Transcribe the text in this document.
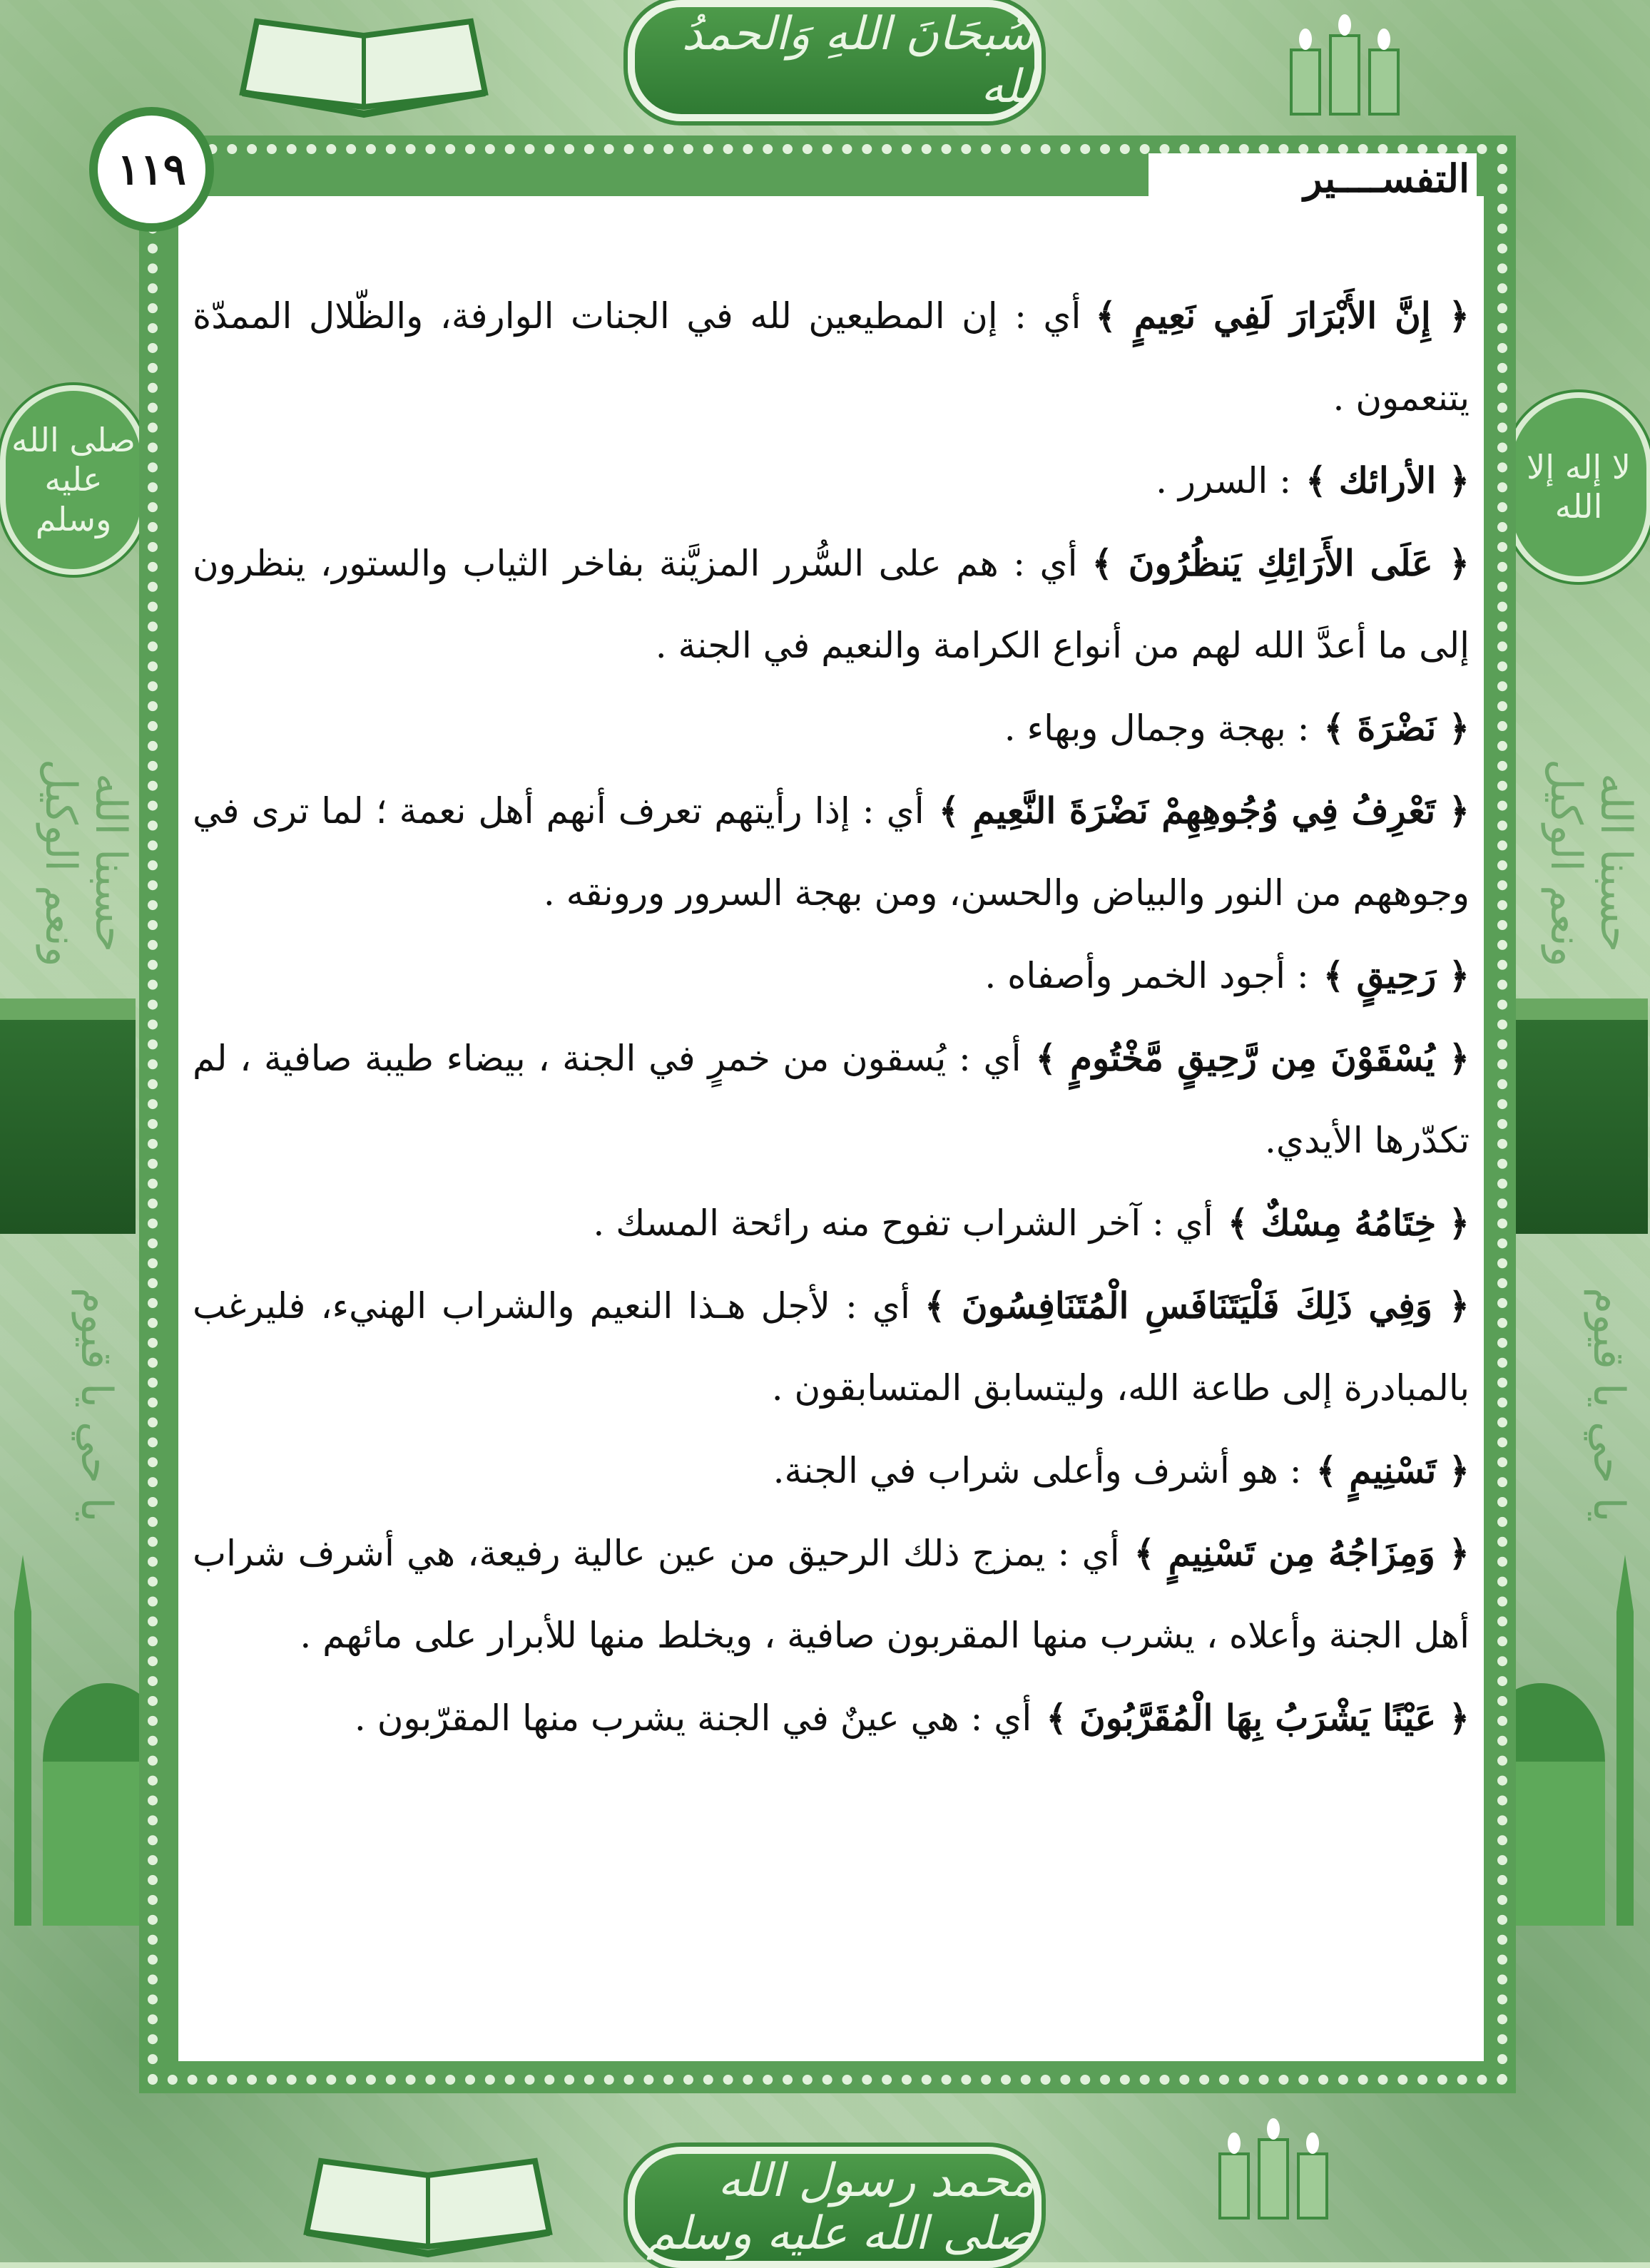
سُبحَانَ اللهِ وَالحمدُ لله
صلى الله عليه وسلم
لا إله إلا الله
حسبنا الله ونعم الوكيل	حسبنا الله ونعم الوكيل
يا حي يا قيوم	يا حي يا قيوم
التفســــير
١١٩

﴿ إِنَّ الأَبْرَارَ لَفِي نَعِيمٍ ﴾أي : إن المطيعين لله في الجنات الوارفة، والظّلال الممدّة يتنعمون .

﴿ الأرائك ﴾: السرر .

﴿ عَلَى الأَرَائِكِ يَنظُرُونَ ﴾أي : هم على السُّرر المزيَّنة بفاخر الثياب والستور، ينظرون إلى ما أعدَّ الله لهم من أنواع الكرامة والنعيم في الجنة .

﴿ نَضْرَةَ ﴾: بهجة وجمال وبهاء .

﴿ تَعْرِفُ فِي وُجُوهِهِمْ نَضْرَةَ النَّعِيمِ ﴾أي : إذا رأيتهم تعرف أنهم أهل نعمة ؛ لما ترى في وجوههم من النور والبياض والحسن، ومن بهجة السرور ورونقه .

﴿ رَحِيقٍ ﴾: أجود الخمر وأصفاه .

﴿ يُسْقَوْنَ مِن رَّحِيقٍ مَّخْتُومٍ ﴾أي : يُسقون من خمرٍ في الجنة ، بيضاء طيبة صافية ، لم تكدّرها الأيدي.

﴿ خِتَامُهُ مِسْكٌ ﴾أي : آخر الشراب تفوح منه رائحة المسك .

﴿ وَفِي ذَلِكَ فَلْيَتَنَافَسِ الْمُتَنَافِسُونَ ﴾أي : لأجل هـذا النعيم والشراب الهنيء، فليرغب بالمبادرة إلى طاعة الله، وليتسابق المتسابقون .

﴿ تَسْنِيمٍ ﴾: هو أشرف وأعلى شراب في الجنة.

﴿ وَمِزَاجُهُ مِن تَسْنِيمٍ ﴾أي : يمزج ذلك الرحيق من عين عالية رفيعة، هي أشرف شراب أهل الجنة وأعلاه ، يشرب منها المقربون صافية ، ويخلط منها للأبرار على مائهم .

﴿ عَيْنًا يَشْرَبُ بِهَا الْمُقَرَّبُونَ ﴾أي : هي عينٌ في الجنة يشرب منها المقرّبون .

محمد رسول الله صلى الله عليه وسلم
